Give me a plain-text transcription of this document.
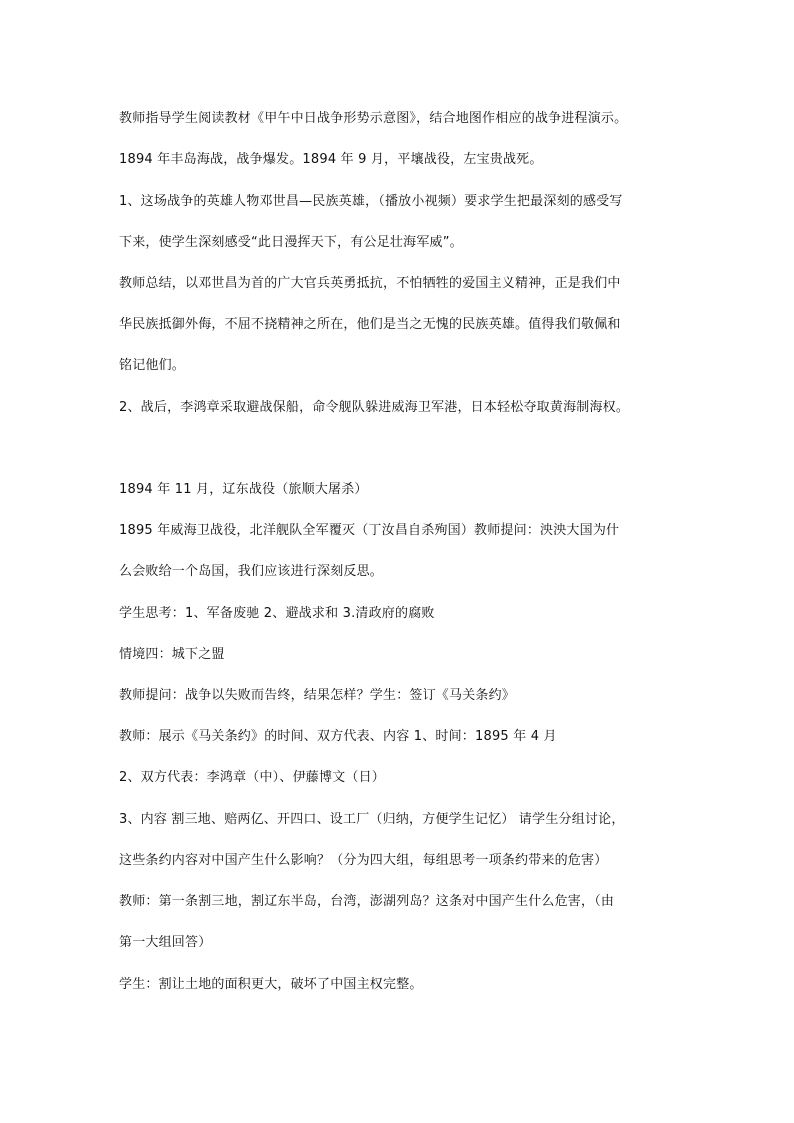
教师指导学生阅读教材《甲午中日战争形势示意图》，结合地图作相应的战争进程演示。
1894 年丰岛海战，战争爆发。1894 年 9 月，平壤战役，左宝贵战死。
1、这场战争的英雄人物邓世昌—民族英雄，（播放小视频）要求学生把最深刻的感受写
下来，使学生深刻感受“此日漫挥天下，有公足壮海军威”。
教师总结，以邓世昌为首的广大官兵英勇抵抗，不怕牺牲的爱国主义精神，正是我们中
华民族抵御外侮，不屈不挠精神之所在，他们是当之无愧的民族英雄。值得我们敬佩和
铭记他们。
2、战后，李鸿章采取避战保船，命令舰队躲进威海卫军港，日本轻松夺取黄海制海权。
1894 年 11 月，辽东战役（旅顺大屠杀）
1895 年威海卫战役，北洋舰队全军覆灭（丁汝昌自杀殉国）教师提问：泱泱大国为什
么会败给一个岛国，我们应该进行深刻反思。
学生思考：1、军备废驰 2、避战求和 3.清政府的腐败
情境四：城下之盟
教师提问：战争以失败而告终，结果怎样？学生：签订《马关条约》
教师：展示《马关条约》的时间、双方代表、内容 1、时间：1895 年 4 月
2、双方代表：李鸿章（中）、伊藤博文（日）
3、内容 割三地、赔两亿、开四口、设工厂（归纳，方便学生记忆） 请学生分组讨论，
这些条约内容对中国产生什么影响？（分为四大组，每组思考一项条约带来的危害）
教师：第一条割三地，割辽东半岛，台湾，澎湖列岛？这条对中国产生什么危害，（由
第一大组回答）
学生：割让土地的面积更大，破坏了中国主权完整。
